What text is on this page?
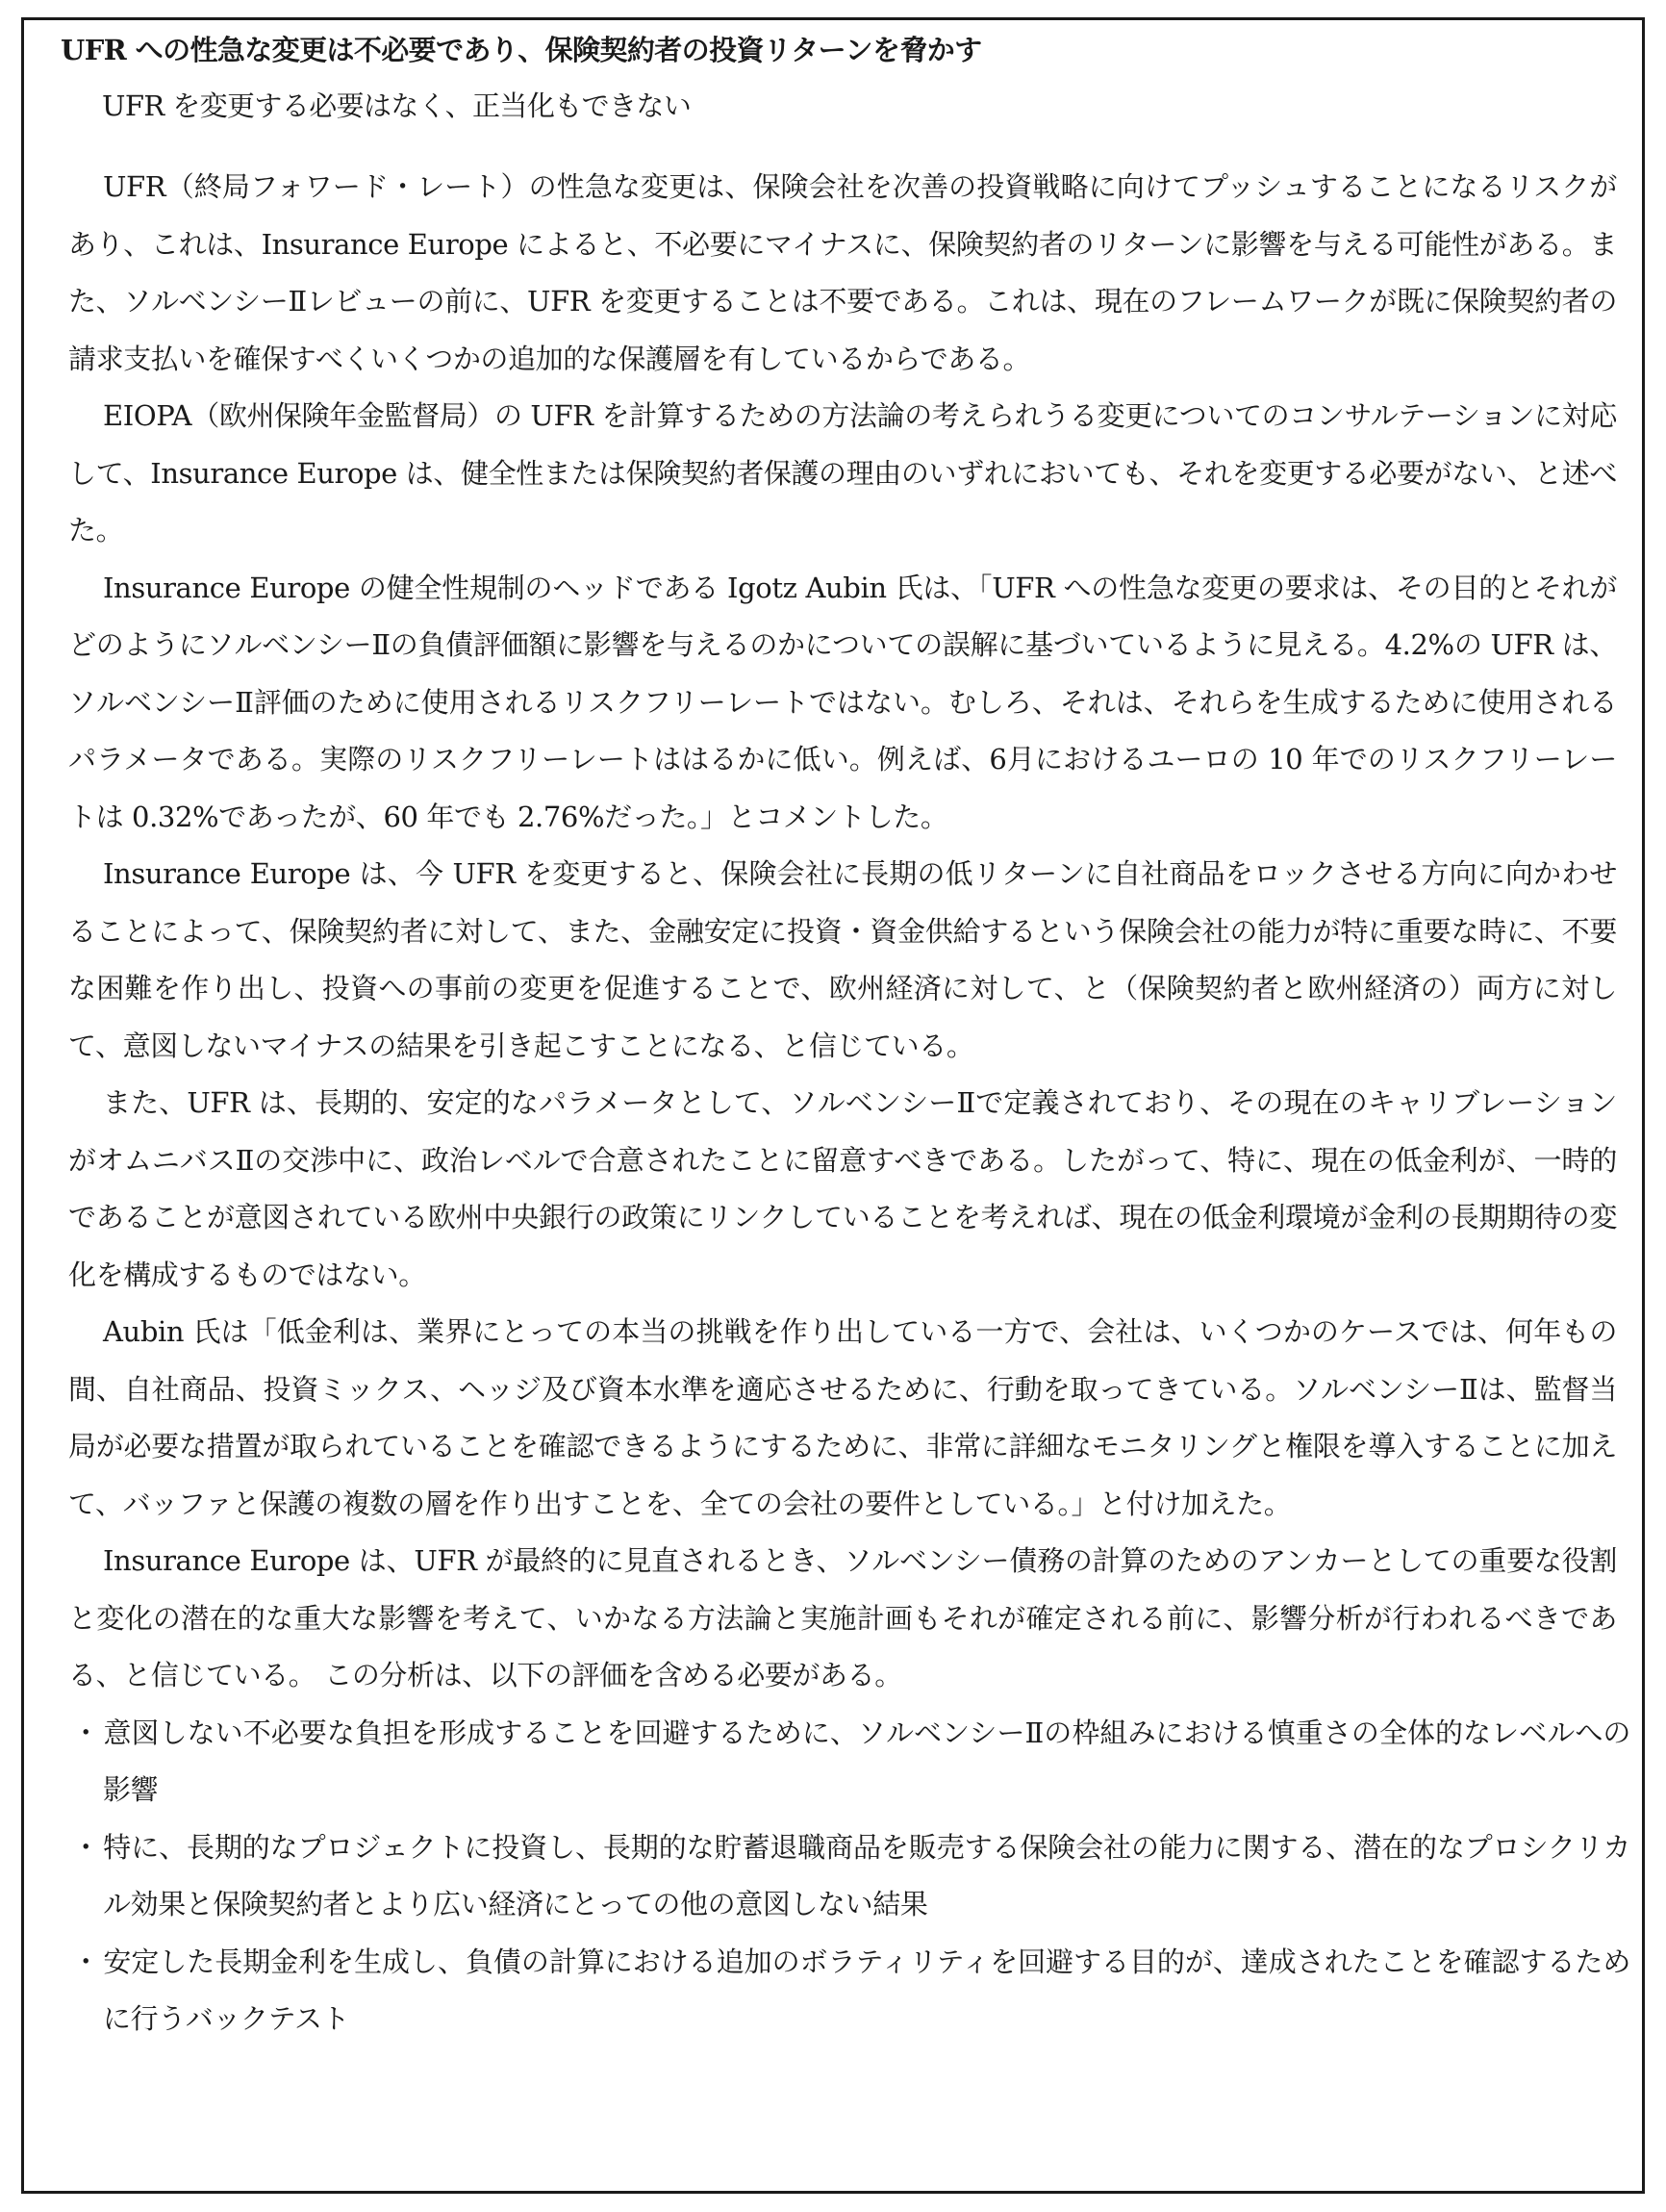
UFR への性急な変更は不必要であり、保険契約者の投資リターンを脅かす
UFR を変更する必要はなく、正当化もできない
UFR（終局フォワード・レート）の性急な変更は、保険会社を次善の投資戦略に向けてプッシュすることになるリスクがあり、これは、Insurance Europe によると、不必要にマイナスに、保険契約者のリターンに影響を与える可能性がある。また、ソルベンシーⅡレビューの前に、UFR を変更することは不要である。これは、現在のフレームワークが既に保険契約者の請求支払いを確保すべくいくつかの追加的な保護層を有しているからである。
EIOPA（欧州保険年金監督局）の UFR を計算するための方法論の考えられうる変更についてのコンサルテーションに対応して、Insurance Europe は、健全性または保険契約者保護の理由のいずれにおいても、それを変更する必要がない、と述べた。
Insurance Europe の健全性規制のヘッドである Igotz Aubin 氏は、「UFR への性急な変更の要求は、その目的とそれがどのようにソルベンシーⅡの負債評価額に影響を与えるのかについての誤解に基づいているように見える。4.2%の UFR は、ソルベンシーⅡ評価のために使用されるリスクフリーレートではない。むしろ、それは、それらを生成するために使用されるパラメータである。実際のリスクフリーレートははるかに低い。例えば、6月におけるユーロの 10 年でのリスクフリーレートは 0.32%であったが、60 年でも 2.76%だった。」とコメントした。
Insurance Europe は、今 UFR を変更すると、保険会社に長期の低リターンに自社商品をロックさせる方向に向かわせることによって、保険契約者に対して、また、金融安定に投資・資金供給するという保険会社の能力が特に重要な時に、不要な困難を作り出し、投資への事前の変更を促進することで、欧州経済に対して、と（保険契約者と欧州経済の）両方に対して、意図しないマイナスの結果を引き起こすことになる、と信じている。
また、UFR は、長期的、安定的なパラメータとして、ソルベンシーⅡで定義されており、その現在のキャリブレーションがオムニバスⅡの交渉中に、政治レベルで合意されたことに留意すべきである。したがって、特に、現在の低金利が、一時的であることが意図されている欧州中央銀行の政策にリンクしていることを考えれば、現在の低金利環境が金利の長期期待の変化を構成するものではない。
Aubin 氏は「低金利は、業界にとっての本当の挑戦を作り出している一方で、会社は、いくつかのケースでは、何年もの間、自社商品、投資ミックス、ヘッジ及び資本水準を適応させるために、行動を取ってきている。ソルベンシーⅡは、監督当局が必要な措置が取られていることを確認できるようにするために、非常に詳細なモニタリングと権限を導入することに加えて、バッファと保護の複数の層を作り出すことを、全ての会社の要件としている。」と付け加えた。
Insurance Europe は、UFR が最終的に見直されるとき、ソルベンシー債務の計算のためのアンカーとしての重要な役割と変化の潜在的な重大な影響を考えて、いかなる方法論と実施計画もそれが確定される前に、影響分析が行われるべきである、と信じている。 この分析は、以下の評価を含める必要がある。
・ 意図しない不必要な負担を形成することを回避するために、ソルベンシーⅡの枠組みにおける慎重さの全体的なレベルへの影響
・ 特に、長期的なプロジェクトに投資し、長期的な貯蓄退職商品を販売する保険会社の能力に関する、潜在的なプロシクリカル効果と保険契約者とより広い経済にとっての他の意図しない結果
・ 安定した長期金利を生成し、負債の計算における追加のボラティリティを回避する目的が、達成されたことを確認するために行うバックテスト
